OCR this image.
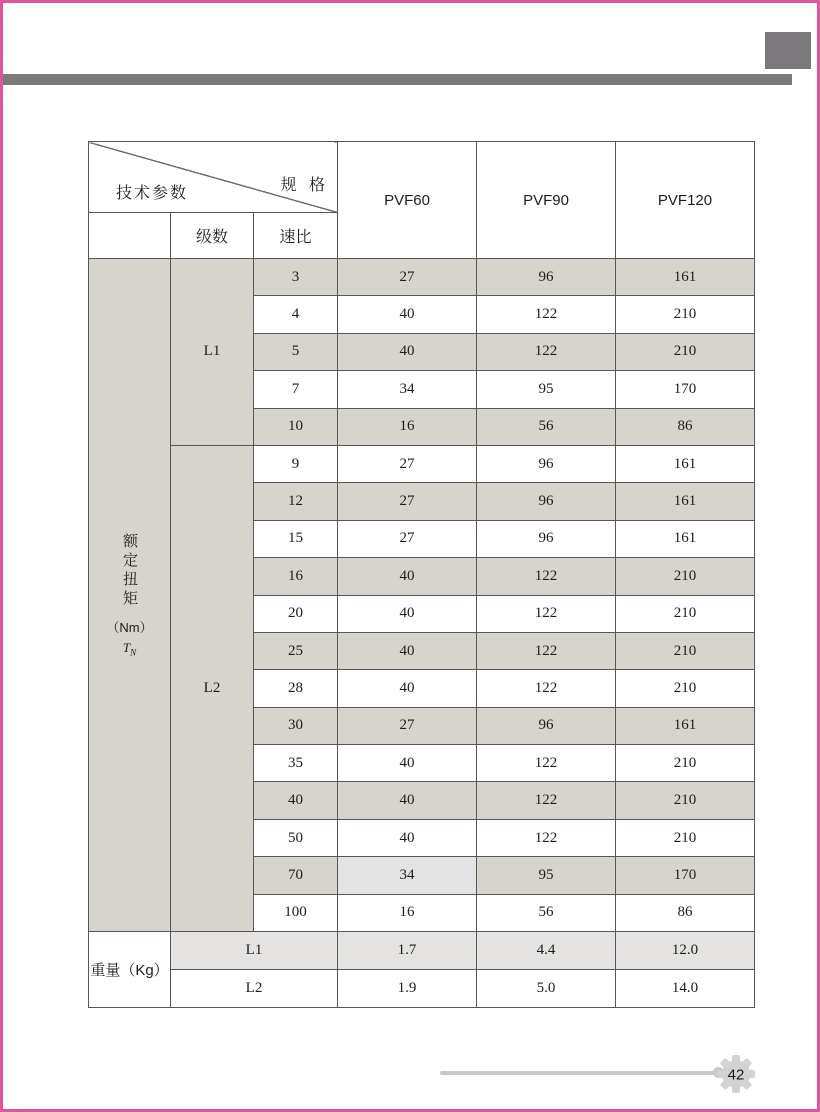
规 格
技术参数			PVF60	PVF90	PVF120
	级数	速比			

额定扭矩
（Nm）
$T_N$	L1	3	27	96	161
		4	40	122	210
		5	40	122	210
		7	34	95	170
		10	16	56	86
	L2	9	27	96	161
		12	27	96	161
		15	27	96	161
		16	40	122	210
		20	40	122	210
		25	40	122	210
		28	40	122	210
		30	27	96	161
		35	40	122	210
		40	40	122	210
		50	40	122	210
		70	34	95	170
		100	16	56	86
重量（Kg）	L1		1.7	4.4	12.0
	L2		1.9	5.0	14.0
42
